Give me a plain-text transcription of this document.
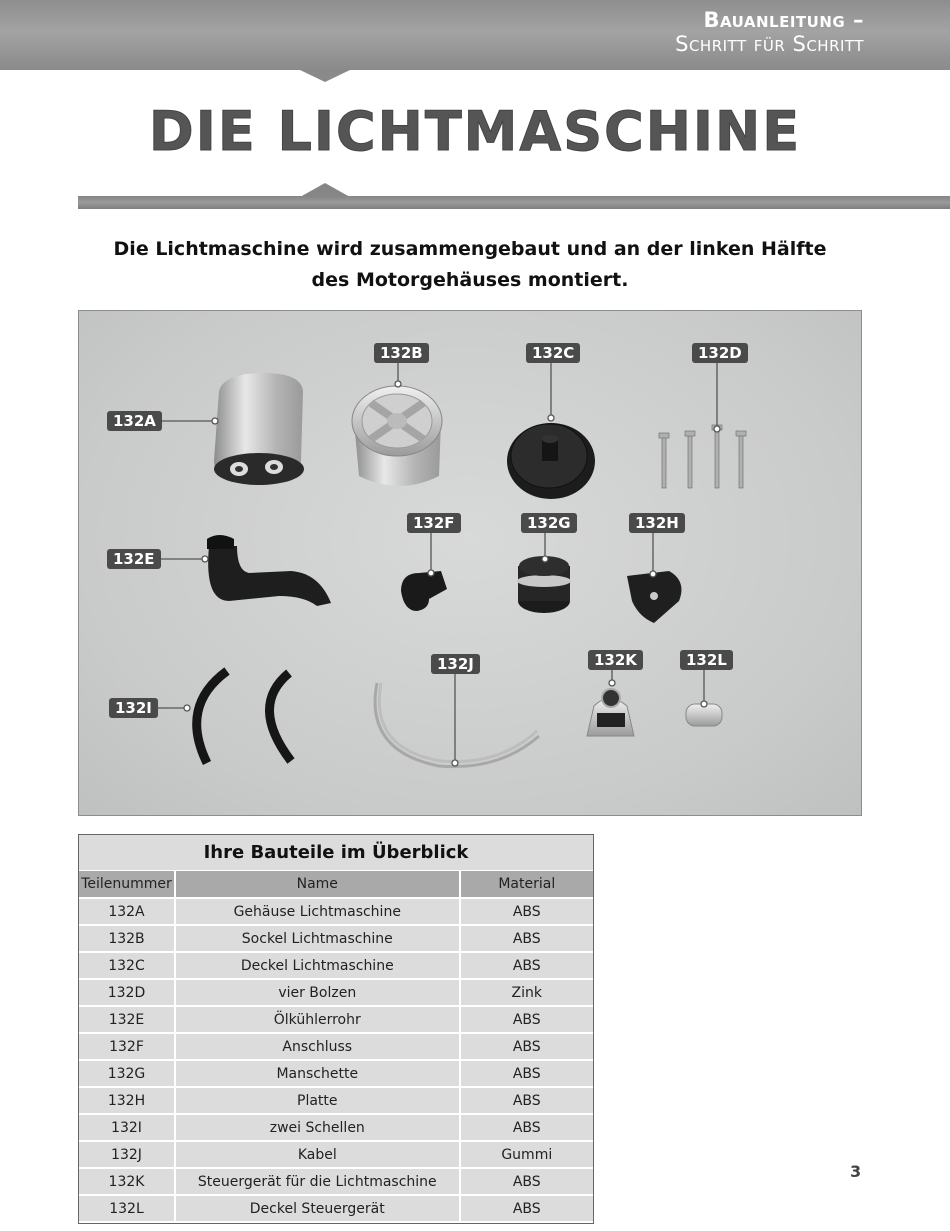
Bauanleitung –
Schritt für Schritt
DIE LICHTMASCHINE
Die Lichtmaschine wird zusammengebaut und an der linken Hälfte des Motorgehäuses montiert.
132A
132B	132C	132D
132E
132F	132G	132H
132I
132J	132K	132L
Ihre Bauteile im Überblick
Teilenummer	Name	Material
132A	Gehäuse Lichtmaschine	ABS
132B	Sockel Lichtmaschine	ABS
132C	Deckel Lichtmaschine	ABS
132D	vier Bolzen	Zink
132E	Ölkühlerrohr	ABS
132F	Anschluss	ABS
132G	Manschette	ABS
132H	Platte	ABS
132I	zwei Schellen	ABS
132J	Kabel	Gummi
132K	Steuergerät für die Lichtmaschine	ABS
132L	Deckel Steuergerät	ABS
3
